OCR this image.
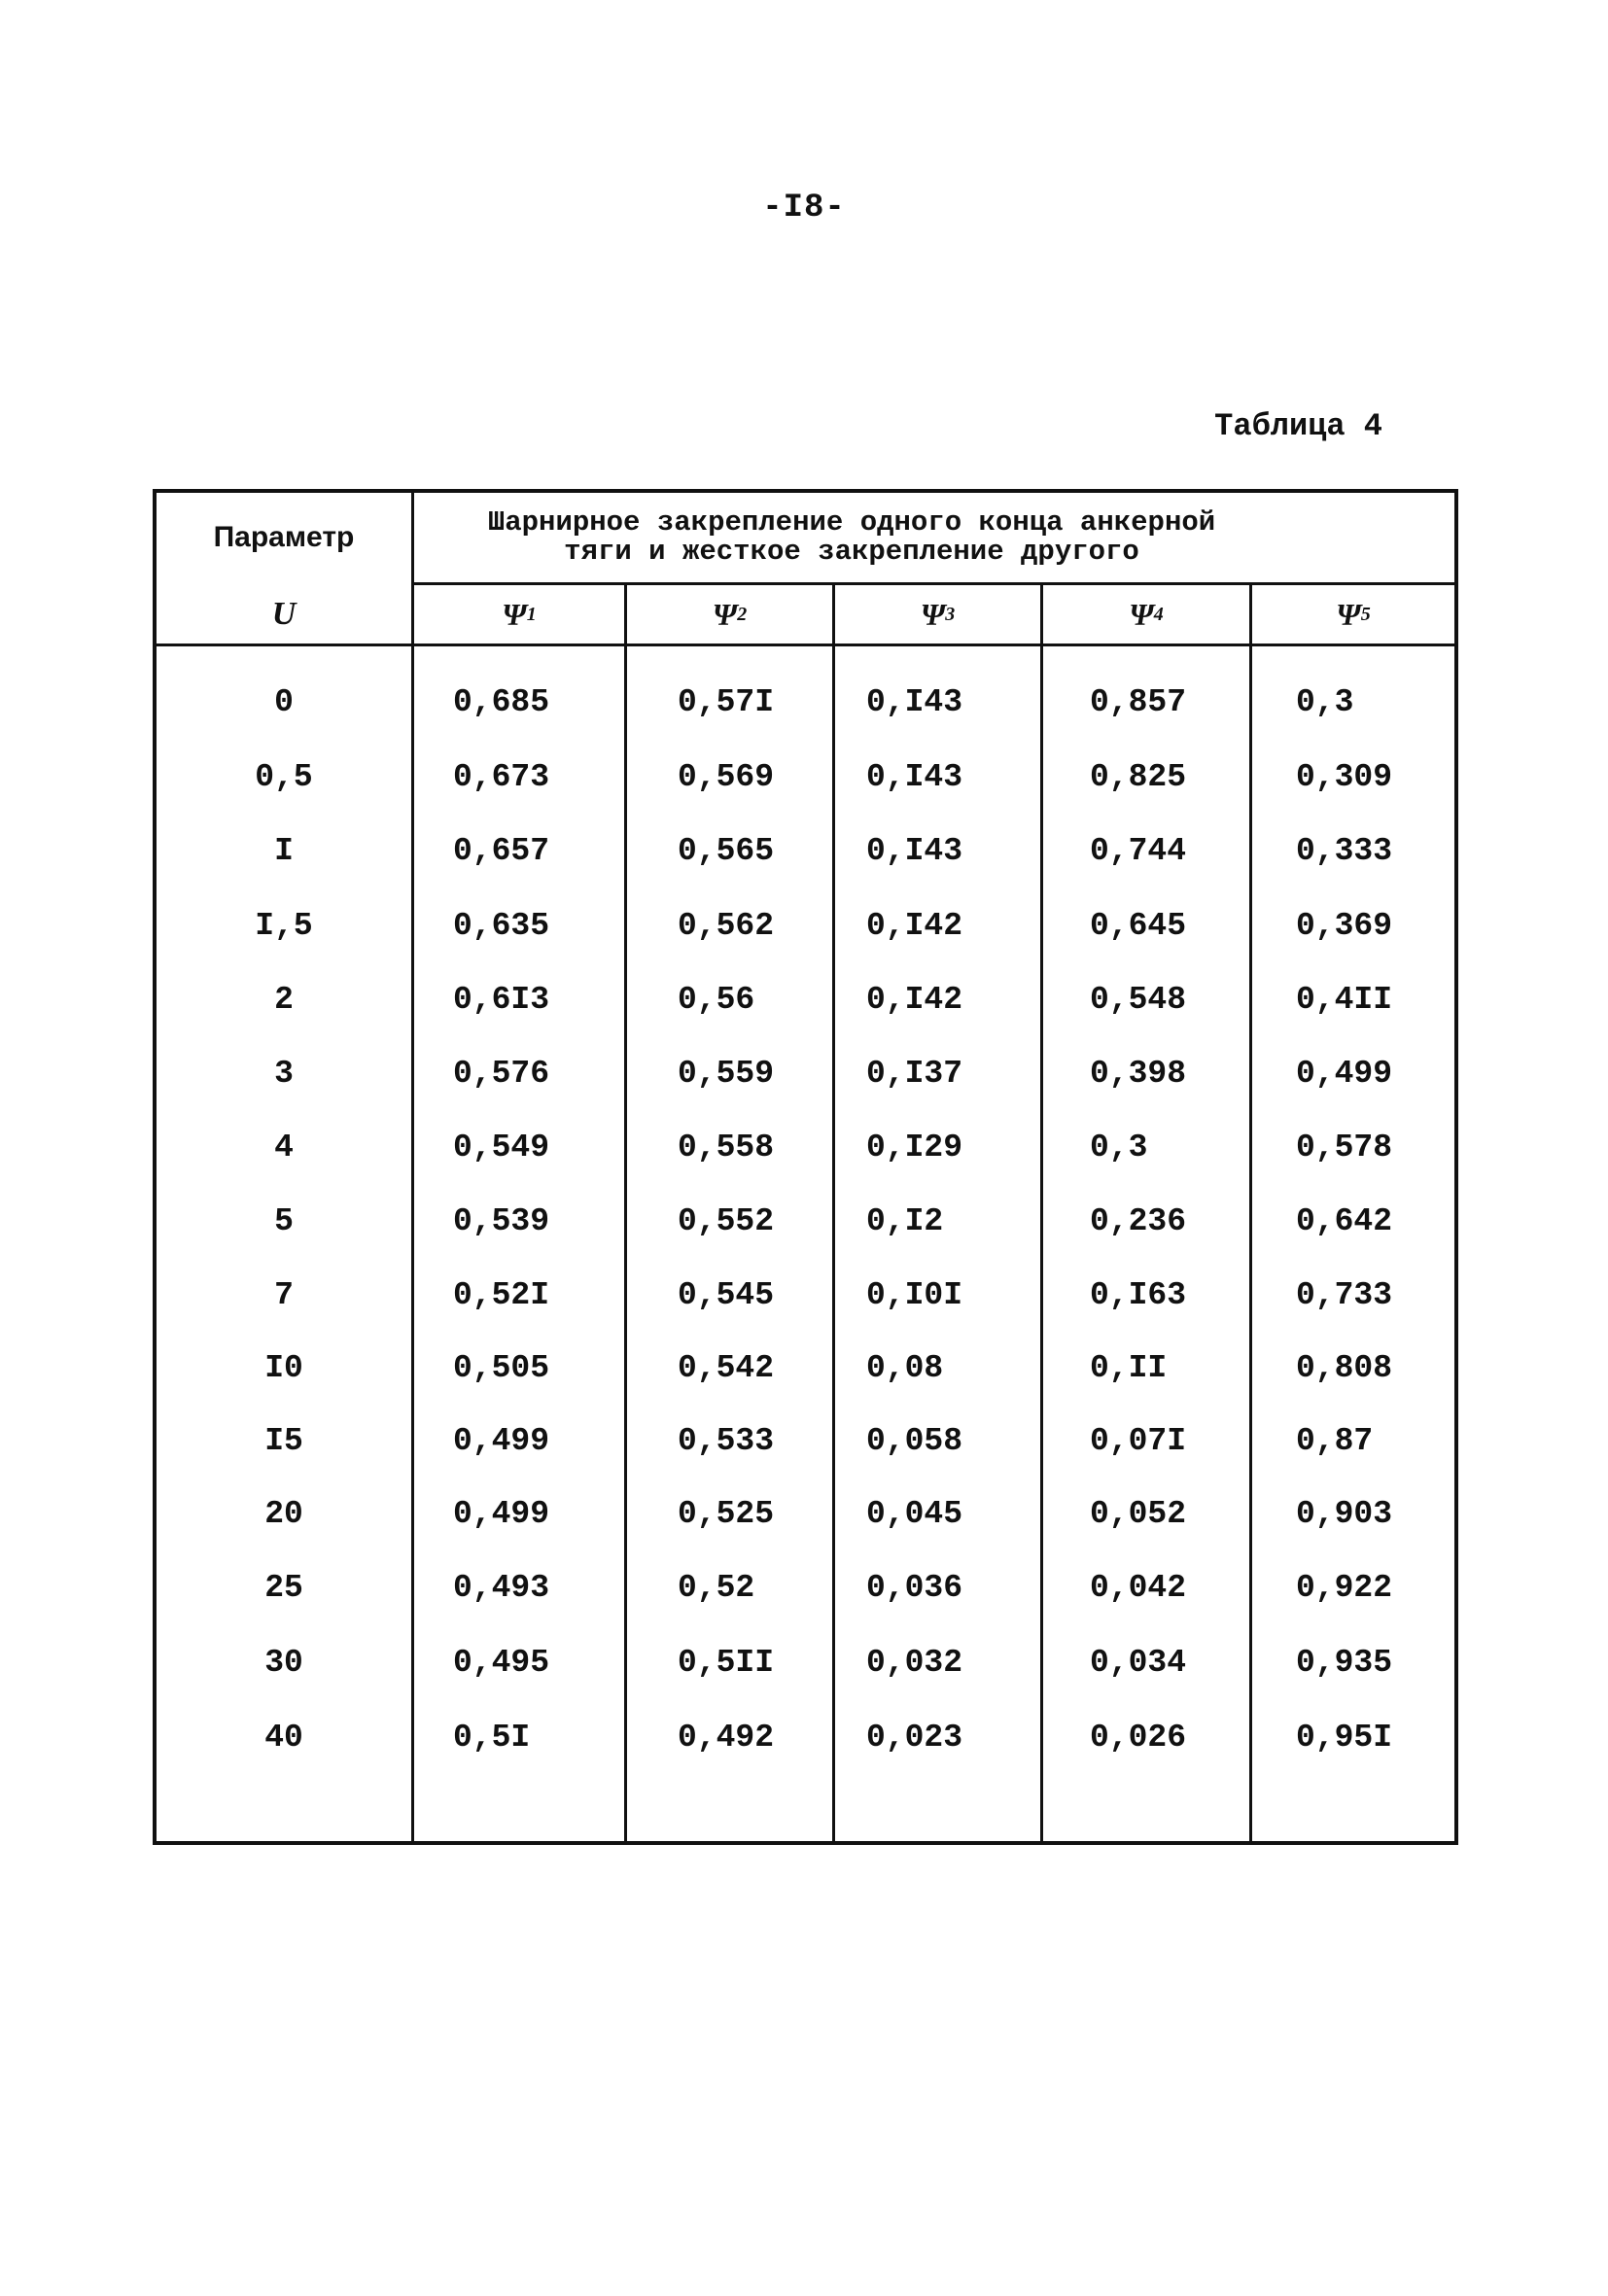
-I8-
Таблица 4
Параметр	Шарнирное закрепление одного конца анкерной
тяги и жесткое закрепление другого
U	Ψ 1	Ψ 2	Ψ 3	Ψ 4	Ψ 5
0	0,685	0,57I	0,I43	0,857	0,3
0,5	0,673	0,569	0,I43	0,825	0,309
I	0,657	0,565	0,I43	0,744	0,333
I,5	0,635	0,562	0,I42	0,645	0,369
2	0,6I3	0,56	0,I42	0,548	0,4II
3	0,576	0,559	0,I37	0,398	0,499
4	0,549	0,558	0,I29	0,3	0,578
5	0,539	0,552	0,I2	0,236	0,642
7	0,52I	0,545	0,I0I	0,I63	0,733
I0	0,505	0,542	0,08	0,II	0,808
I5	0,499	0,533	0,058	0,07I	0,87
20	0,499	0,525	0,045	0,052	0,903
25	0,493	0,52	0,036	0,042	0,922
30	0,495	0,5II	0,032	0,034	0,935
40	0,5I	0,492	0,023	0,026	0,95I
